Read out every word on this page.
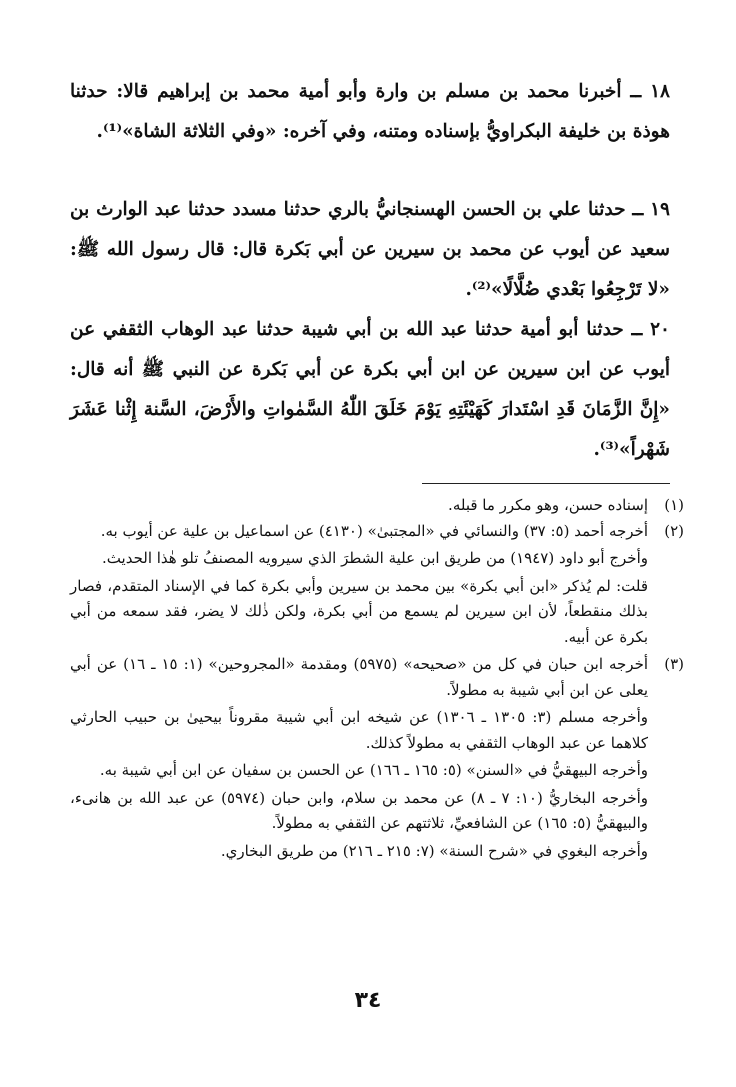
١٨ ــ أخبرنا محمد بن مسلم بن وارة وأبو أمية محمد بن إبراهيم قالا: حدثنا هوذة بن خليفة البكراويُّ بإسناده ومتنه، وفي آخره: «وفي الثلاثة الشاة»⁽¹⁾.

١٩ ــ حدثنا علي بن الحسن الهسنجانيُّ بالري حدثنا مسدد حدثنا عبد الوارث بن سعيد عن أيوب عن محمد بن سيرين عن أبي بَكرة قال: قال رسول الله ﷺ: «لا تَرْجِعُوا بَعْدي ضُلَّالًا»⁽²⁾.

٢٠ ــ حدثنا أبو أمية حدثنا عبد الله بن أبي شيبة حدثنا عبد الوهاب الثقفي عن أيوب عن ابن سيرين عن ابن أبي بكرة عن أبي بَكرة عن النبي ﷺ أنه قال: «إِنَّ الزَّمَانَ قَدِ اسْتَدارَ كَهَيْئَتِهِ يَوْمَ خَلَقَ اللّٰهُ السَّمٰواتِ والأَرْضَ، السَّنة إِثْنا عَشَرَ شَهْراً»⁽³⁾.

(١)
إسناده حسن، وهو مكرر ما قبله.
(٢)

أخرجه أحمد (٥: ٣٧) والنسائي في «المجتبىٰ» (٤١٣٠) عن اسماعيل بن علية عن أيوب به.

وأخرج أبو داود (١٩٤٧) من طريق ابن علية الشطرَ الذي سيرويه المصنفُ تلو هٰذا الحديث.

قلت: لم يُذكر «ابن أبي بكرة» بين محمد بن سيرين وأبي بكرة كما في الإسناد المتقدم، فصار بذلك منقطعاً، لأن ابن سيرين لم يسمع من أبي بكرة، ولكن ذٰلك لا يضر، فقد سمعه من أبي بكرة عن أبيه.

(٣)

أخرجه ابن حبان في كل من «صحيحه» (٥٩٧٥) ومقدمة «المجروحين» (١: ١٥ ـ ١٦) عن أبي يعلى عن ابن أبي شيبة به مطولاً.

وأخرجه مسلم (٣: ١٣٠٥ ـ ١٣٠٦) عن شيخه ابن أبي شيبة مقروناً بيحيىٰ بن حبيب الحارثي كلاهما عن عبد الوهاب الثقفي به مطولاً كذلك.

وأخرجه البيهقيُّ في «السنن» (٥: ١٦٥ ـ ١٦٦) عن الحسن بن سفيان عن ابن أبي شيبة به.

وأخرجه البخاريُّ (١٠: ٧ ـ ٨) عن محمد بن سلام، وابن حبان (٥٩٧٤) عن عبد الله بن هانىء، والبيهقيُّ (٥: ١٦٥) عن الشافعيِّ، ثلاثتهم عن الثقفي به مطولاً.

وأخرجه البغوي في «شرح السنة» (٧: ٢١٥ ـ ٢١٦) من طريق البخاري.

٣٤
